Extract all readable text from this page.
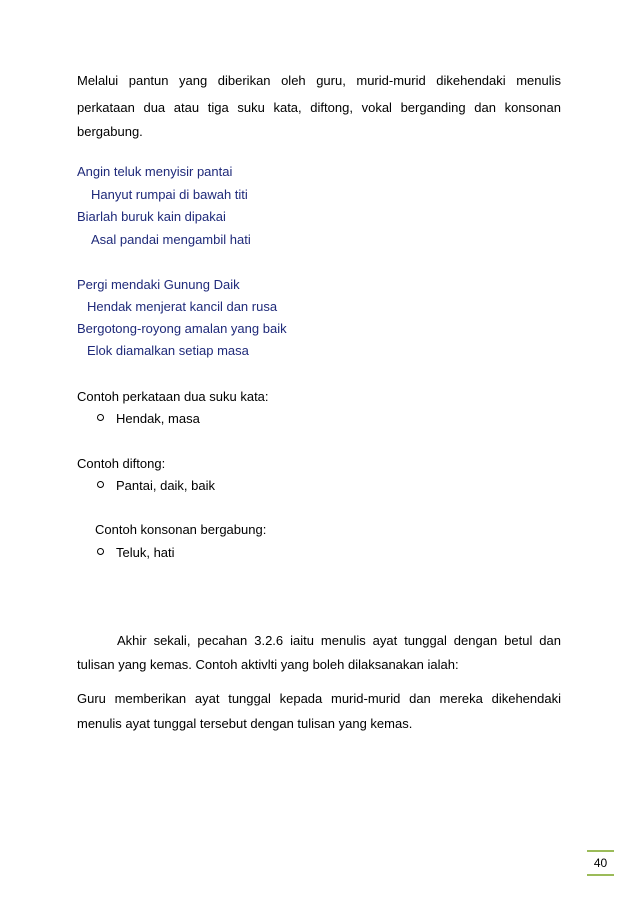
Melalui pantun yang diberikan oleh guru, murid-murid dikehendaki menulis
perkataan dua atau tiga suku kata, diftong, vokal berganding dan konsonan
bergabung.
Angin teluk menyisir pantai
Hanyut rumpai di bawah titi
Biarlah buruk kain dipakai
Asal pandai mengambil hati
Pergi mendaki Gunung Daik
Hendak menjerat kancil dan rusa
Bergotong-royong amalan yang baik
Elok diamalkan setiap masa
Contoh perkataan dua suku kata:
Hendak, masa
Contoh diftong:
Pantai, daik, baik
Contoh konsonan bergabung:
Teluk, hati
Akhir sekali, pecahan 3.2.6 iaitu menulis ayat tunggal dengan betul dan
tulisan yang kemas. Contoh aktivlti yang boleh dilaksanakan ialah:
Guru memberikan ayat tunggal kepada murid-murid dan mereka dikehendaki
menulis ayat tunggal tersebut dengan tulisan yang kemas.
40
